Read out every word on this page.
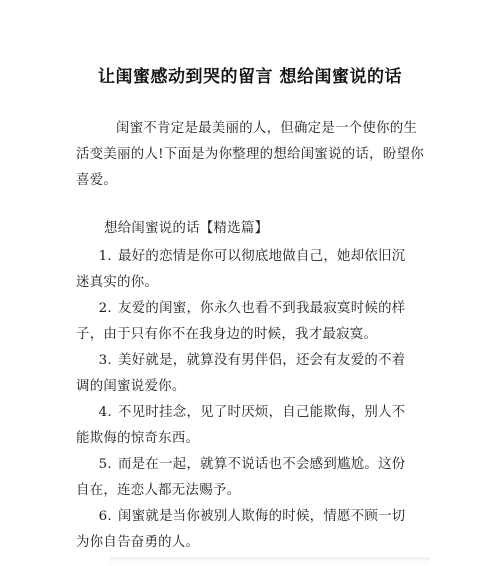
让闺蜜感动到哭的留言 想给闺蜜说的话
闺蜜不肯定是最美丽的人，但确定是一个使你的生
活变美丽的人!下面是为你整理的想给闺蜜说的话，盼望你
喜爱。
想给闺蜜说的话【精选篇】
1. 最好的恋情是你可以彻底地做自己，她却依旧沉
迷真实的你。
2. 友爱的闺蜜，你永久也看不到我最寂寞时候的样
子，由于只有你不在我身边的时候，我才最寂寞。
3. 美好就是，就算没有男伴侣，还会有友爱的不着
调的闺蜜说爱你。
4. 不见时挂念，见了时厌烦，自己能欺侮，别人不
能欺侮的惊奇东西。
5. 而是在一起，就算不说话也不会感到尴尬。这份
自在，连恋人都无法赐予。
6. 闺蜜就是当你被别人欺侮的时候，情愿不顾一切
为你自告奋勇的人。
